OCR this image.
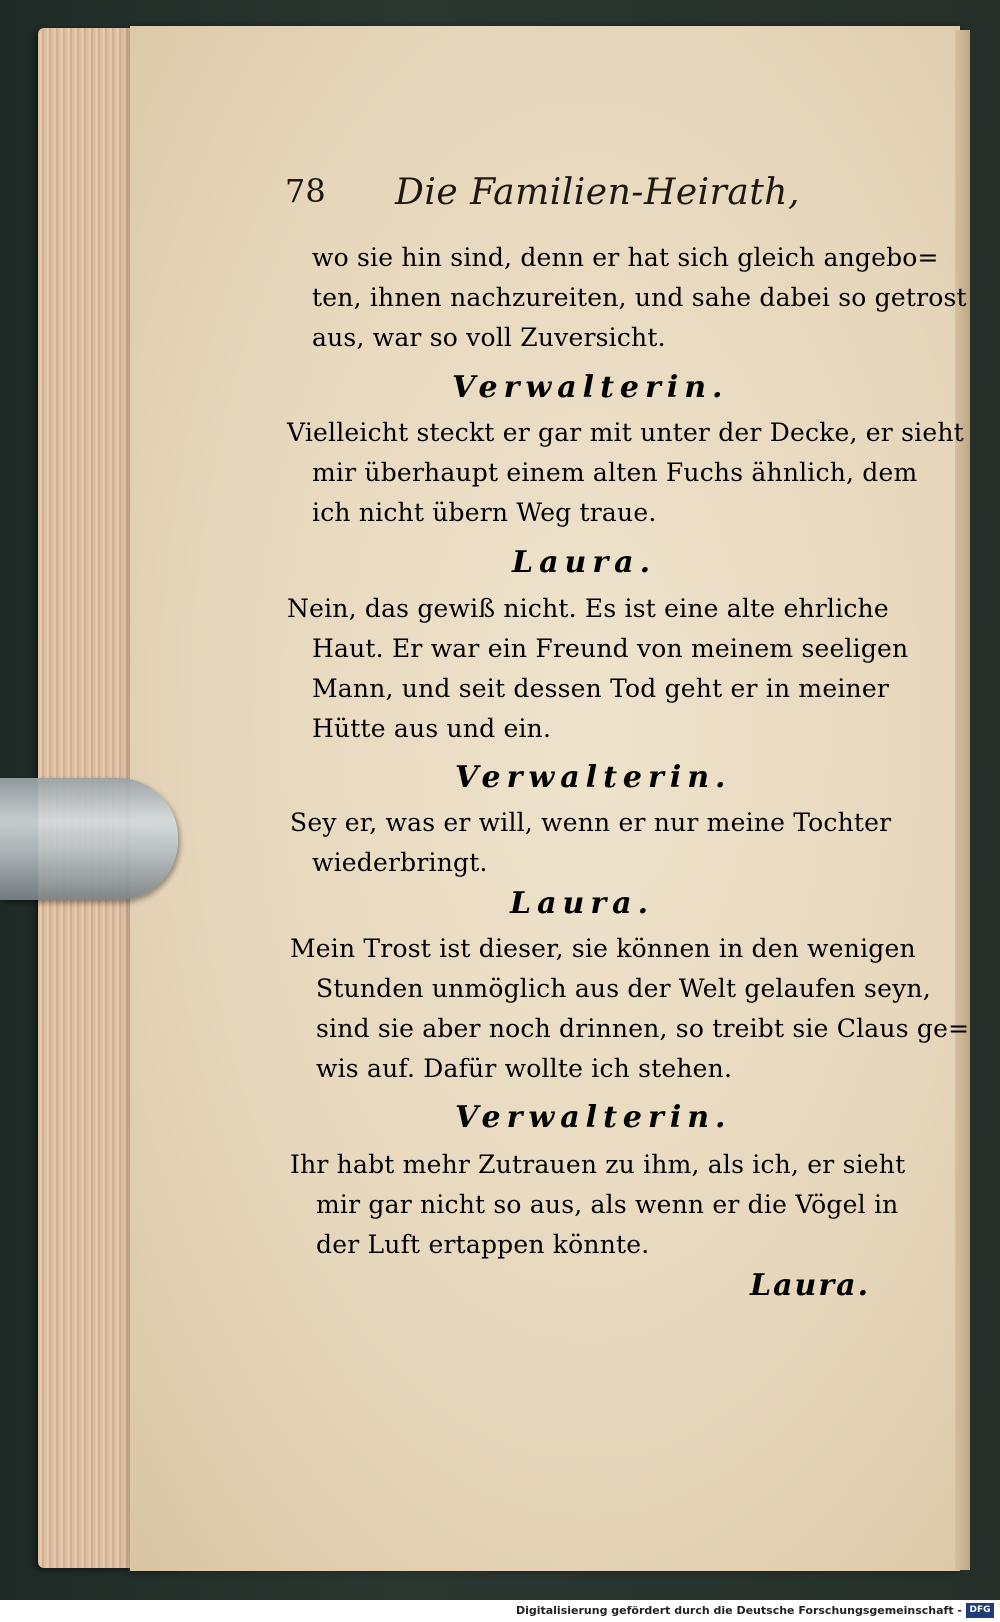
78 Die Familien-Heirath,
wo sie hin sind, denn er hat sich gleich angebo=
ten, ihnen nachzureiten, und sahe dabei so getrost
aus, war so voll Zuversicht.
Verwalterin.
Vielleicht steckt er gar mit unter der Decke, er sieht
mir überhaupt einem alten Fuchs ähnlich, dem
ich nicht übern Weg traue.
Laura.
Nein, das gewiß nicht. Es ist eine alte ehrliche
Haut. Er war ein Freund von meinem seeligen
Mann, und seit dessen Tod geht er in meiner
Hütte aus und ein.
Verwalterin.
Sey er, was er will, wenn er nur meine Tochter
wiederbringt.
Laura.
Mein Trost ist dieser, sie können in den wenigen
Stunden unmöglich aus der Welt gelaufen seyn,
sind sie aber noch drinnen, so treibt sie Claus ge=
wis auf. Dafür wollte ich stehen.
Verwalterin.
Ihr habt mehr Zutrauen zu ihm, als ich, er sieht
mir gar nicht so aus, als wenn er die Vögel in
der Luft ertappen könnte.
Laura.
Digitalisierung gefördert durch die Deutsche Forschungsgemeinschaft - DFG
